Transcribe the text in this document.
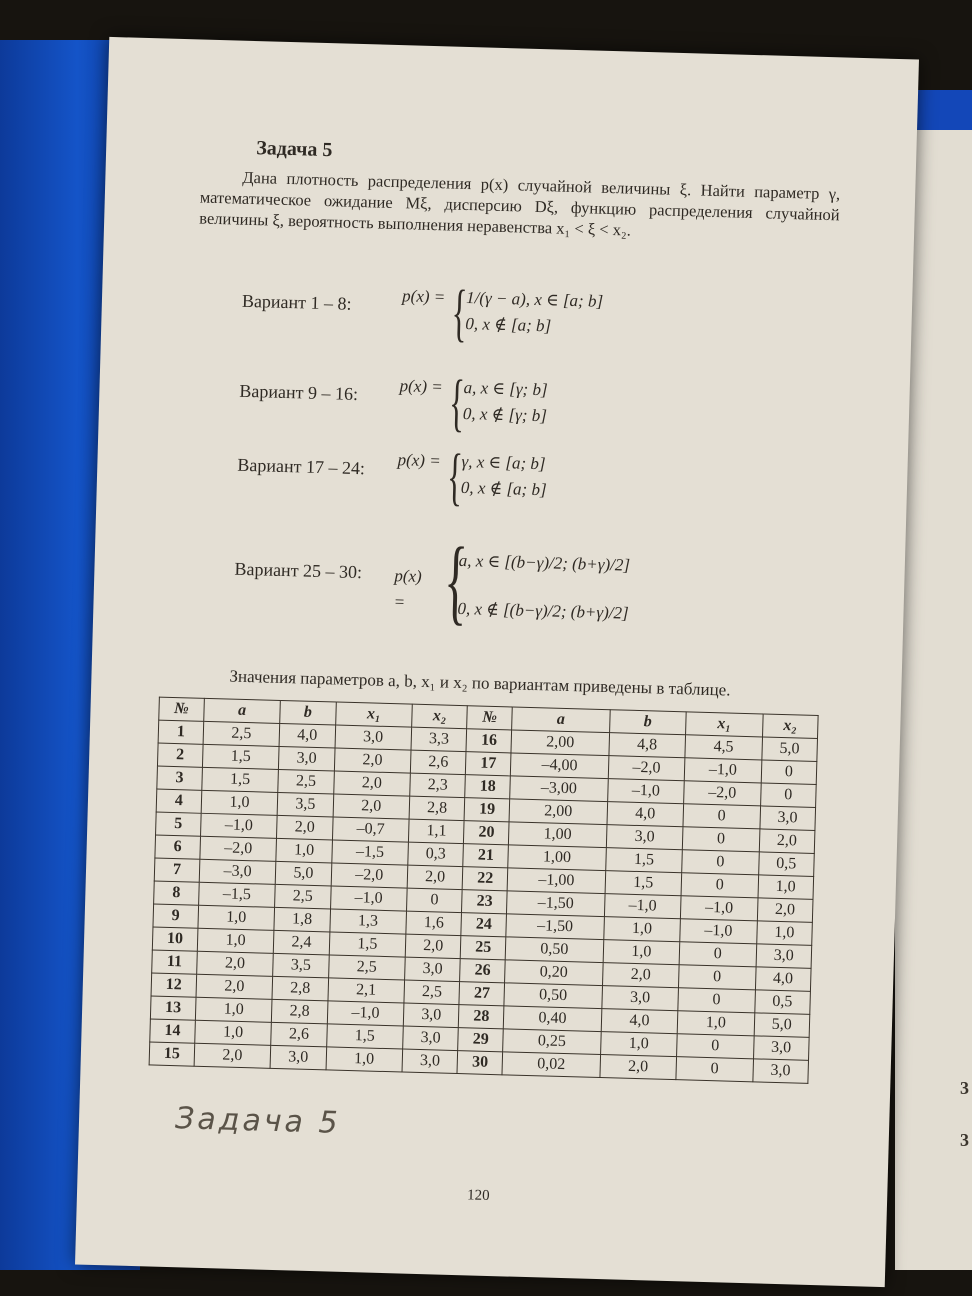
3
3
Задача 5
Дана плотность распределения p(x) случайной величины ξ. Найти параметр γ, математическое ожидание Mξ, дисперсию Dξ, функцию распределения случайной величины ξ, вероятность выполнения неравенства x₁ < ξ < x₂.
Вариант 1 – 8:	p(x) = {
1/(γ − a), x ∈ [a; b]
0, x ∉ [a; b]
Вариант 9 – 16: p(x) = {
a, x ∈ [γ; b]
0, x ∉ [γ; b]
Вариант 17 – 24: p(x) = {
γ, x ∈ [a; b]
0, x ∉ [a; b]
Вариант 25 – 30: p(x) = {
a, x ∈ [(b−γ)/2; (b+γ)/2]
0, x ∉ [(b−γ)/2; (b+γ)/2]
Значения параметров a, b, x₁ и x₂ по вариантам приведены в таблице.
№	a	b	x₁	x₂	№	a	b	x₁	x₂
1	2,5	4,0	3,0	3,3	16	2,00	4,8	4,5	5,0
2	1,5	3,0	2,0	2,6	17	–4,00	–2,0	–1,0	0
3	1,5	2,5	2,0	2,3	18	–3,00	–1,0	–2,0	0
4	1,0	3,5	2,0	2,8	19	2,00	4,0	0	3,0
5	–1,0	2,0	–0,7	1,1	20	1,00	3,0	0	2,0
6	–2,0	1,0	–1,5	0,3	21	1,00	1,5	0	0,5
7	–3,0	5,0	–2,0	2,0	22	–1,00	1,5	0	1,0
8	–1,5	2,5	–1,0	0	23	–1,50	–1,0	–1,0	2,0
9	1,0	1,8	1,3	1,6	24	–1,50	1,0	–1,0	1,0
10	1,0	2,4	1,5	2,0	25	0,50	1,0	0	3,0
11	2,0	3,5	2,5	3,0	26	0,20	2,0	0	4,0
12	2,0	2,8	2,1	2,5	27	0,50	3,0	0	0,5
13	1,0	2,8	–1,0	3,0	28	0,40	4,0	1,0	5,0
14	1,0	2,6	1,5	3,0	29	0,25	1,0	0	3,0
15	2,0	3,0	1,0	3,0	30	0,02	2,0	0	3,0
Задача 5
120
